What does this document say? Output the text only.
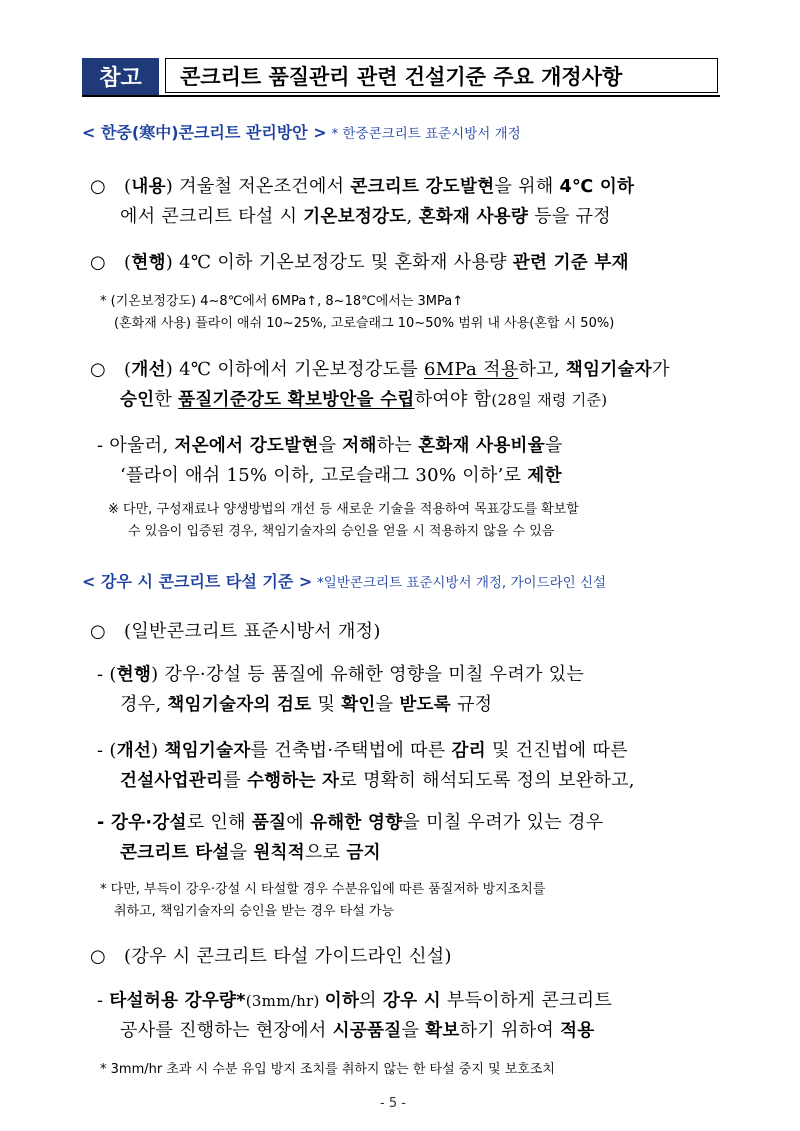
참고	콘크리트 품질관리 관련 건설기준 주요 개정사항
< 한중(寒中)콘크리트 관리방안 > * 한중콘크리트 표준시방서 개정
○ (내용) 겨울철 저온조건에서 콘크리트 강도발현을 위해 4℃ 이하
에서 콘크리트 타설 시 기온보정강도, 혼화재 사용량 등을 규정
○ (현행) 4℃ 이하 기온보정강도 및 혼화재 사용량 관련 기준 부재
* (기온보정강도) 4~8℃에서 6MPa↑, 8~18℃에서는 3MPa↑
(혼화재 사용) 플라이 애쉬 10~25%, 고로슬래그 10~50% 범위 내 사용(혼합 시 50%)
○ (개선) 4℃ 이하에서 기온보정강도를 6MPa 적용하고, 책임기술자가
승인한 품질기준강도 확보방안을 수립하여야 함(28일 재령 기준)
- 아울러, 저온에서 강도발현을 저해하는 혼화재 사용비율을
‘플라이 애쉬 15% 이하, 고로슬래그 30% 이하’로 제한
※ 다만, 구성재료나 양생방법의 개선 등 새로운 기술을 적용하여 목표강도를 확보할
수 있음이 입증된 경우, 책임기술자의 승인을 얻을 시 적용하지 않을 수 있음
< 강우 시 콘크리트 타설 기준 > *일반콘크리트 표준시방서 개정, 가이드라인 신설
○ (일반콘크리트 표준시방서 개정)
- (현행) 강우·강설 등 품질에 유해한 영향을 미칠 우려가 있는
경우, 책임기술자의 검토 및 확인을 받도록 규정
- (개선) 책임기술자를 건축법·주택법에 따른 감리 및 건진법에 따른
건설사업관리를 수행하는 자로 명확히 해석되도록 정의 보완하고,
- 강우·강설로 인해 품질에 유해한 영향을 미칠 우려가 있는 경우
콘크리트 타설을 원칙적으로 금지
* 다만, 부득이 강우·강설 시 타설할 경우 수분유입에 따른 품질저하 방지조치를
취하고, 책임기술자의 승인을 받는 경우 타설 가능
○ (강우 시 콘크리트 타설 가이드라인 신설)
- 타설허용 강우량*(3mm/hr) 이하의 강우 시 부득이하게 콘크리트
공사를 진행하는 현장에서 시공품질을 확보하기 위하여 적용
* 3mm/hr 초과 시 수분 유입 방지 조치를 취하지 않는 한 타설 중지 및 보호조치
- 5 -
